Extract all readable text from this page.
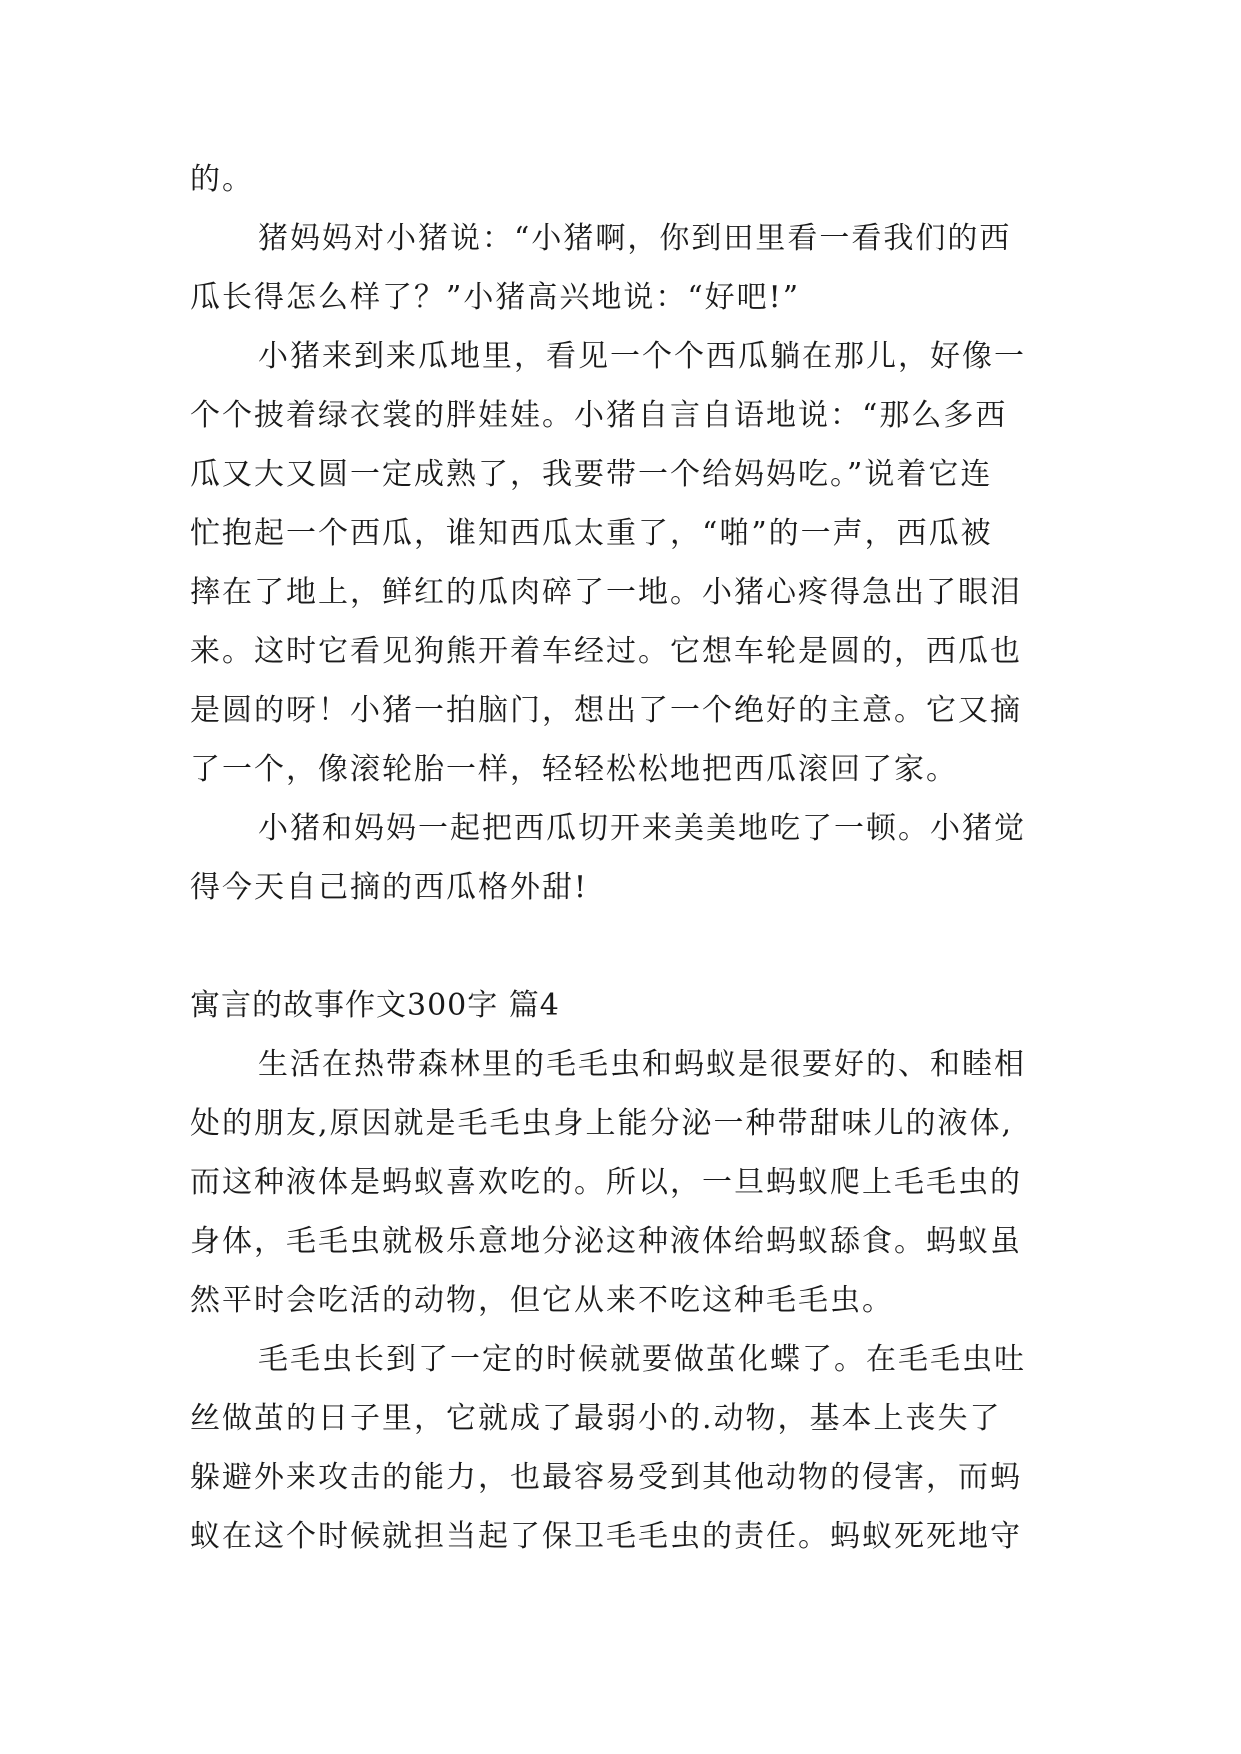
的。
猪妈妈对小猪说：“小猪啊，你到田里看一看我们的西
瓜长得怎么样了？”小猪高兴地说：“好吧!”
小猪来到来瓜地里，看见一个个西瓜躺在那儿，好像一
个个披着绿衣裳的胖娃娃。小猪自言自语地说：“那么多西
瓜又大又圆一定成熟了，我要带一个给妈妈吃。”说着它连
忙抱起一个西瓜，谁知西瓜太重了，“啪”的一声，西瓜被
摔在了地上，鲜红的瓜肉碎了一地。小猪心疼得急出了眼泪
来。这时它看见狗熊开着车经过。它想车轮是圆的，西瓜也
是圆的呀！小猪一拍脑门，想出了一个绝好的主意。它又摘
了一个，像滚轮胎一样，轻轻松松地把西瓜滚回了家。
小猪和妈妈一起把西瓜切开来美美地吃了一顿。小猪觉
得今天自己摘的西瓜格外甜!
寓言的故事作文300字 篇4
生活在热带森林里的毛毛虫和蚂蚁是很要好的、和睦相
处的朋友,原因就是毛毛虫身上能分泌一种带甜味儿的液体,
而这种液体是蚂蚁喜欢吃的。所以，一旦蚂蚁爬上毛毛虫的
身体，毛毛虫就极乐意地分泌这种液体给蚂蚁舔食。蚂蚁虽
然平时会吃活的动物，但它从来不吃这种毛毛虫。
毛毛虫长到了一定的时候就要做茧化蝶了。在毛毛虫吐
丝做茧的日子里，它就成了最弱小的.动物，基本上丧失了
躲避外来攻击的能力，也最容易受到其他动物的侵害，而蚂
蚁在这个时候就担当起了保卫毛毛虫的责任。蚂蚁死死地守
